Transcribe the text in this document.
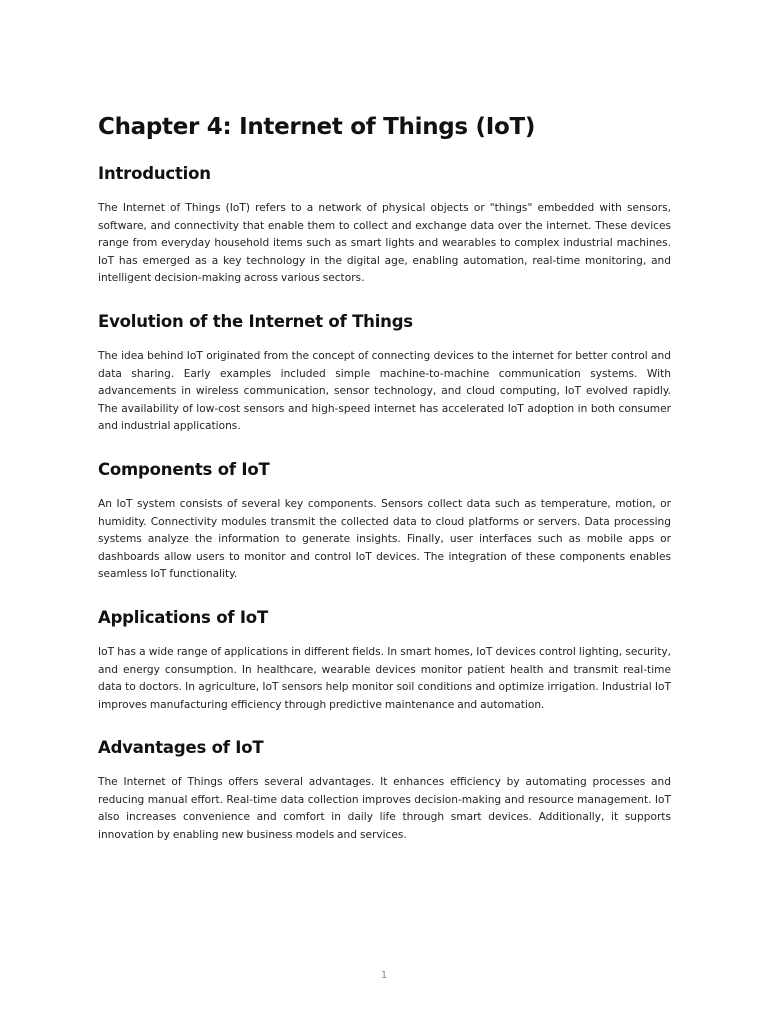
Chapter 4: Internet of Things (IoT)
Introduction

The Internet of Things (IoT) refers to a network of physical objects or "things" embedded with sensors, software, and connectivity that enable them to collect and exchange data over the internet. These devices range from everyday household items such as smart lights and wearables to complex industrial machines. IoT has emerged as a key technology in the digital age, enabling automation, real-time monitoring, and intelligent decision-making across various sectors.

Evolution of the Internet of Things

The idea behind IoT originated from the concept of connecting devices to the internet for better control and data sharing. Early examples included simple machine-to-machine communication systems. With advancements in wireless communication, sensor technology, and cloud computing, IoT evolved rapidly. The availability of low-cost sensors and high-speed internet has accelerated IoT adoption in both consumer and industrial applications.

Components of IoT

An IoT system consists of several key components. Sensors collect data such as temperature, motion, or humidity. Connectivity modules transmit the collected data to cloud platforms or servers. Data processing systems analyze the information to generate insights. Finally, user interfaces such as mobile apps or dashboards allow users to monitor and control IoT devices. The integration of these components enables seamless IoT functionality.

Applications of IoT

IoT has a wide range of applications in different fields. In smart homes, IoT devices control lighting, security, and energy consumption. In healthcare, wearable devices monitor patient health and transmit real-time data to doctors. In agriculture, IoT sensors help monitor soil conditions and optimize irrigation. Industrial IoT improves manufacturing efficiency through predictive maintenance and automation.

Advantages of IoT

The Internet of Things offers several advantages. It enhances efficiency by automating processes and reducing manual effort. Real-time data collection improves decision-making and resource management. IoT also increases convenience and comfort in daily life through smart devices. Additionally, it supports innovation by enabling new business models and services.

1
